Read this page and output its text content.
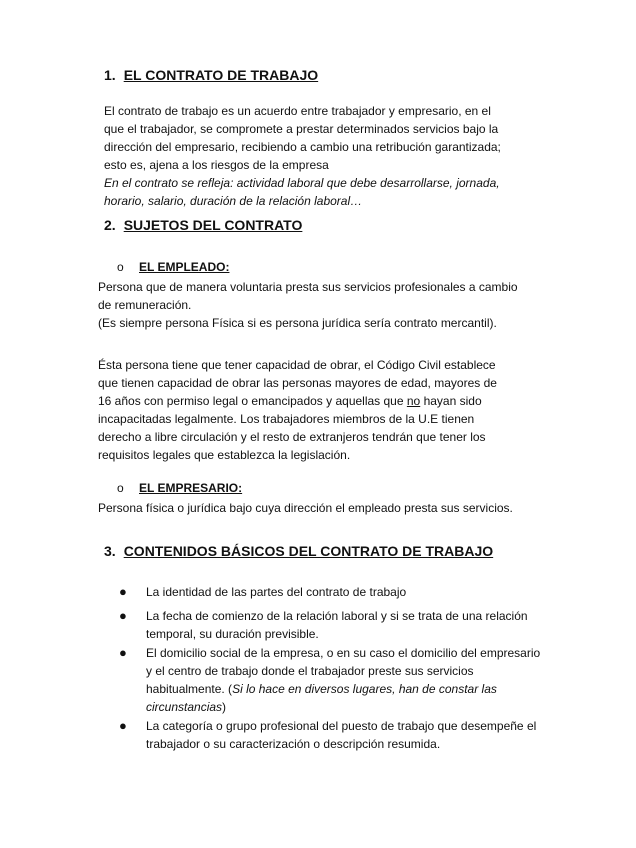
1. EL CONTRATO DE TRABAJO
El contrato de trabajo es un acuerdo entre trabajador y empresario, en el
que el trabajador, se compromete a prestar determinados servicios bajo la
dirección del empresario, recibiendo a cambio una retribución garantizada;
esto es, ajena a los riesgos de la empresa
En el contrato se refleja: actividad laboral que debe desarrollarse, jornada,
horario, salario, duración de la relación laboral…
2. SUJETOS DEL CONTRATO
o EL EMPLEADO:
Persona que de manera voluntaria presta sus servicios profesionales a cambio
de remuneración.
(Es siempre persona Física si es persona jurídica sería contrato mercantil).
Ésta persona tiene que tener capacidad de obrar, el Código Civil establece
que tienen capacidad de obrar las personas mayores de edad, mayores de
16 años con permiso legal o emancipados y aquellas que no hayan sido
incapacitadas legalmente. Los trabajadores miembros de la U.E tienen
derecho a libre circulación y el resto de extranjeros tendrán que tener los
requisitos legales que establezca la legislación.
o EL EMPRESARIO:
Persona física o jurídica bajo cuya dirección el empleado presta sus servicios.
3. CONTENIDOS BÁSICOS DEL CONTRATO DE TRABAJO
● La identidad de las partes del contrato de trabajo
● La fecha de comienzo de la relación laboral y si se trata de una relación
temporal, su duración previsible.
● El domicilio social de la empresa, o en su caso el domicilio del empresario
y el centro de trabajo donde el trabajador preste sus servicios
habitualmente. (Si lo hace en diversos lugares, han de constar las
circunstancias)
● La categoría o grupo profesional del puesto de trabajo que desempeñe el
trabajador o su caracterización o descripción resumida.
